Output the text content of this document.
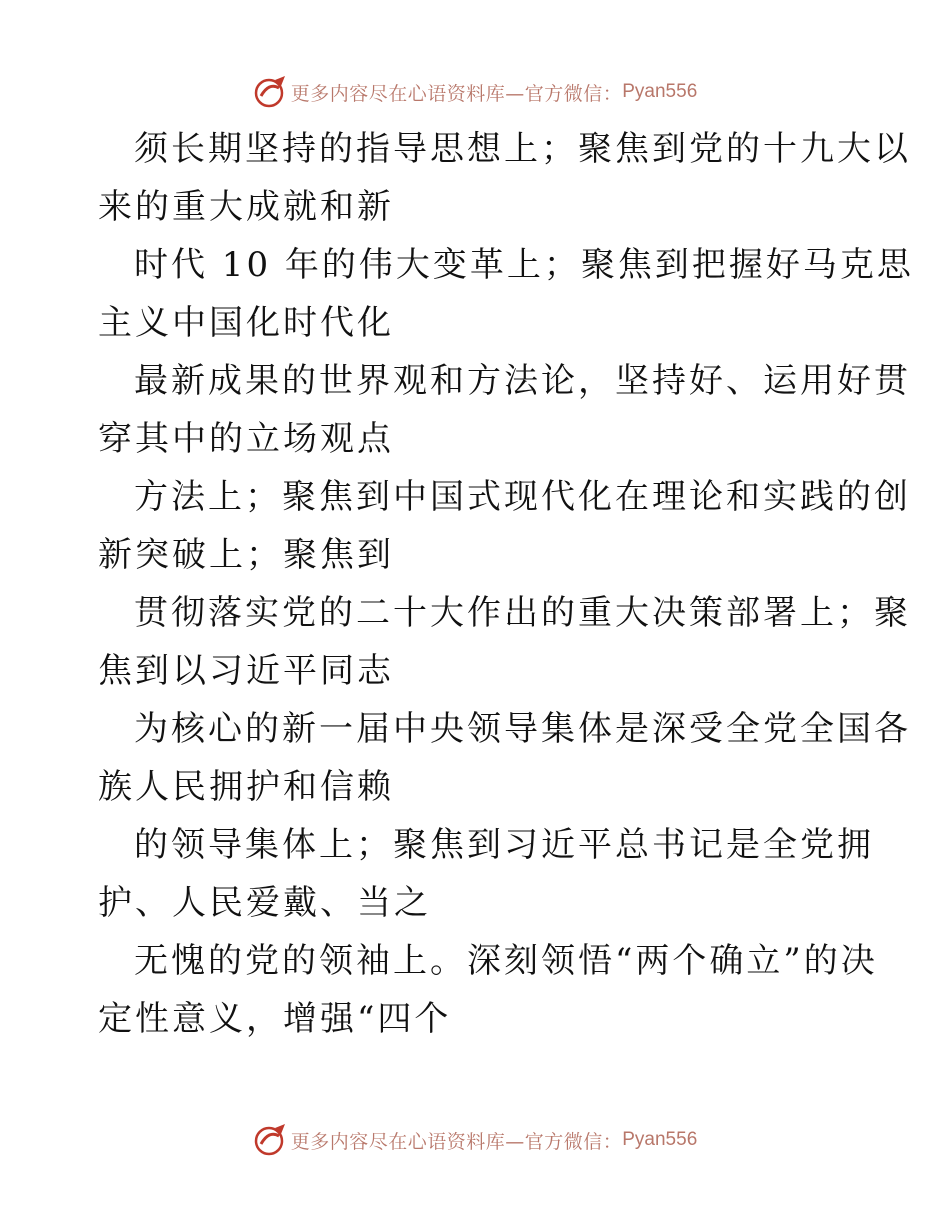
更多内容尽在心语资料库—官方微信： Pyan556

须长期坚持的指导思想上；聚焦到党的十九大以
来的重大成就和新

时代 10 年的伟大变革上；聚焦到把握好马克思
主义中国化时代化

最新成果的世界观和方法论，坚持好、运用好贯
穿其中的立场观点

方法上；聚焦到中国式现代化在理论和实践的创
新突破上；聚焦到

贯彻落实党的二十大作出的重大决策部署上；聚
焦到以习近平同志

为核心的新一届中央领导集体是深受全党全国各
族人民拥护和信赖

的领导集体上；聚焦到习近平总书记是全党拥
护、人民爱戴、当之

无愧的党的领袖上。深刻领悟“两个确立”的决
定性意义，增强“四个

更多内容尽在心语资料库—官方微信： Pyan556
